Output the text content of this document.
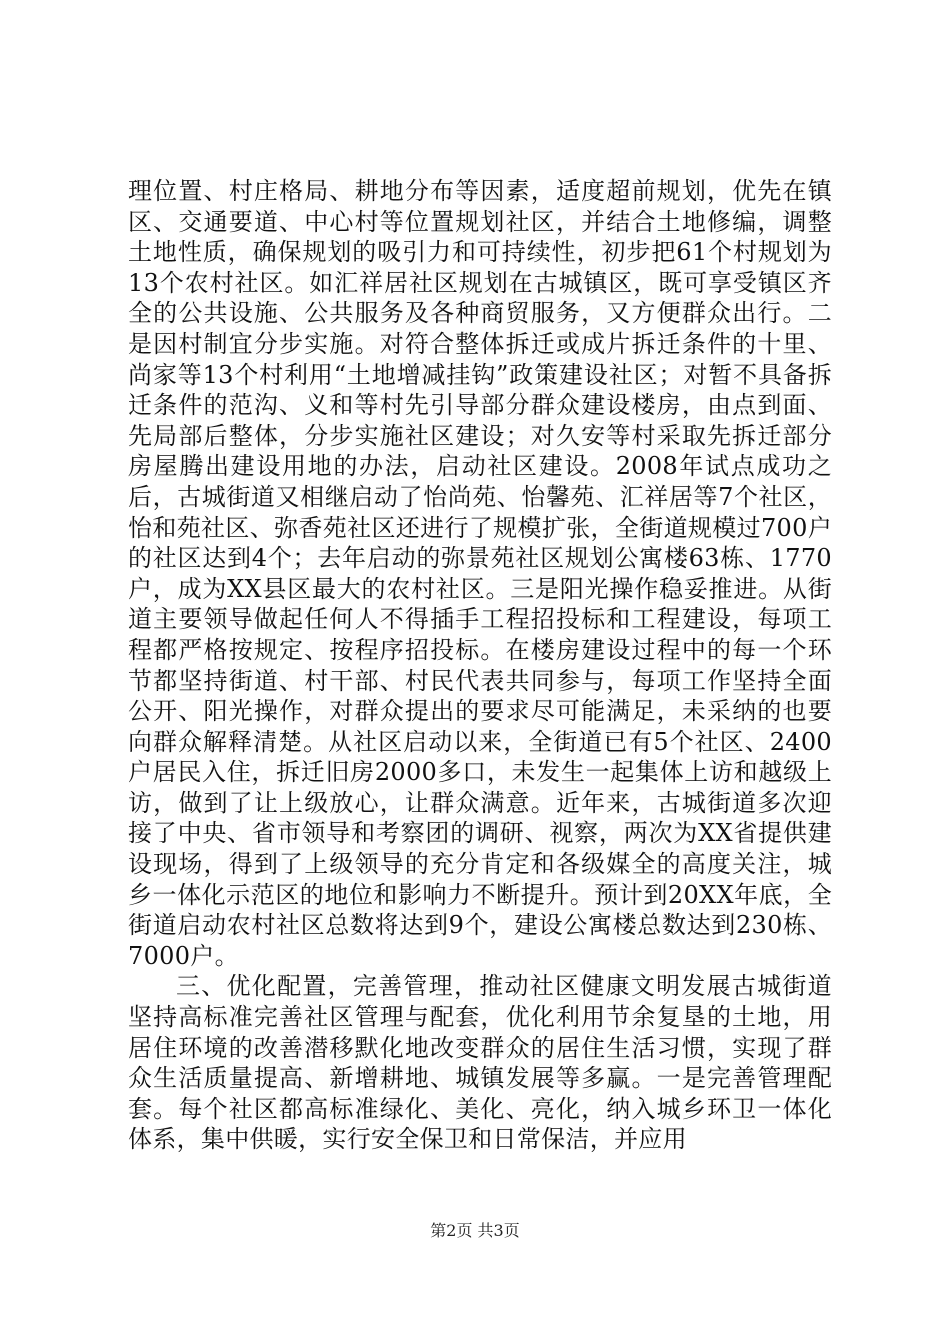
理位置、村庄格局、耕地分布等因素，适度超前规划，优先在镇区、交通要道、中心村等位置规划社区，并结合土地修编，调整土地性质，确保规划的吸引力和可持续性，初步把61个村规划为13个农村社区。如汇祥居社区规划在古城镇区，既可享受镇区齐全的公共设施、公共服务及各种商贸服务，又方便群众出行。二是因村制宜分步实施。对符合整体拆迁或成片拆迁条件的十里、尚家等13个村利用“土地增减挂钩”政策建设社区；对暂不具备拆迁条件的范沟、义和等村先引导部分群众建设楼房，由点到面、先局部后整体，分步实施社区建设；对久安等村采取先拆迁部分房屋腾出建设用地的办法，启动社区建设。2008年试点成功之后，古城街道又相继启动了怡尚苑、怡馨苑、汇祥居等7个社区，怡和苑社区、弥香苑社区还进行了规模扩张，全街道规模过700户的社区达到4个；去年启动的弥景苑社区规划公寓楼63栋、1770户，成为XX县区最大的农村社区。三是阳光操作稳妥推进。从街道主要领导做起任何人不得插手工程招投标和工程建设，每项工程都严格按规定、按程序招投标。在楼房建设过程中的每一个环节都坚持街道、村干部、村民代表共同参与，每项工作坚持全面公开、阳光操作，对群众提出的要求尽可能满足，未采纳的也要向群众解释清楚。从社区启动以来，全街道已有5个社区、2400户居民入住，拆迁旧房2000多口，未发生一起集体上访和越级上访，做到了让上级放心，让群众满意。近年来，古城街道多次迎接了中央、省市领导和考察团的调研、视察，两次为XX省提供建设现场，得到了上级领导的充分肯定和各级媒全的高度关注，城乡一体化示范区的地位和影响力不断提升。预计到20XX年底，全街道启动农村社区总数将达到9个，建设公寓楼总数达到230栋、7000户。

三、优化配置，完善管理，推动社区健康文明发展古城街道坚持高标准完善社区管理与配套，优化利用节余复垦的土地，用居住环境的改善潜移默化地改变群众的居住生活习惯，实现了群众生活质量提高、新增耕地、城镇发展等多赢。一是完善管理配套。每个社区都高标准绿化、美化、亮化，纳入城乡环卫一体化体系，集中供暖，实行安全保卫和日常保洁，并应用

第2页 共3页
